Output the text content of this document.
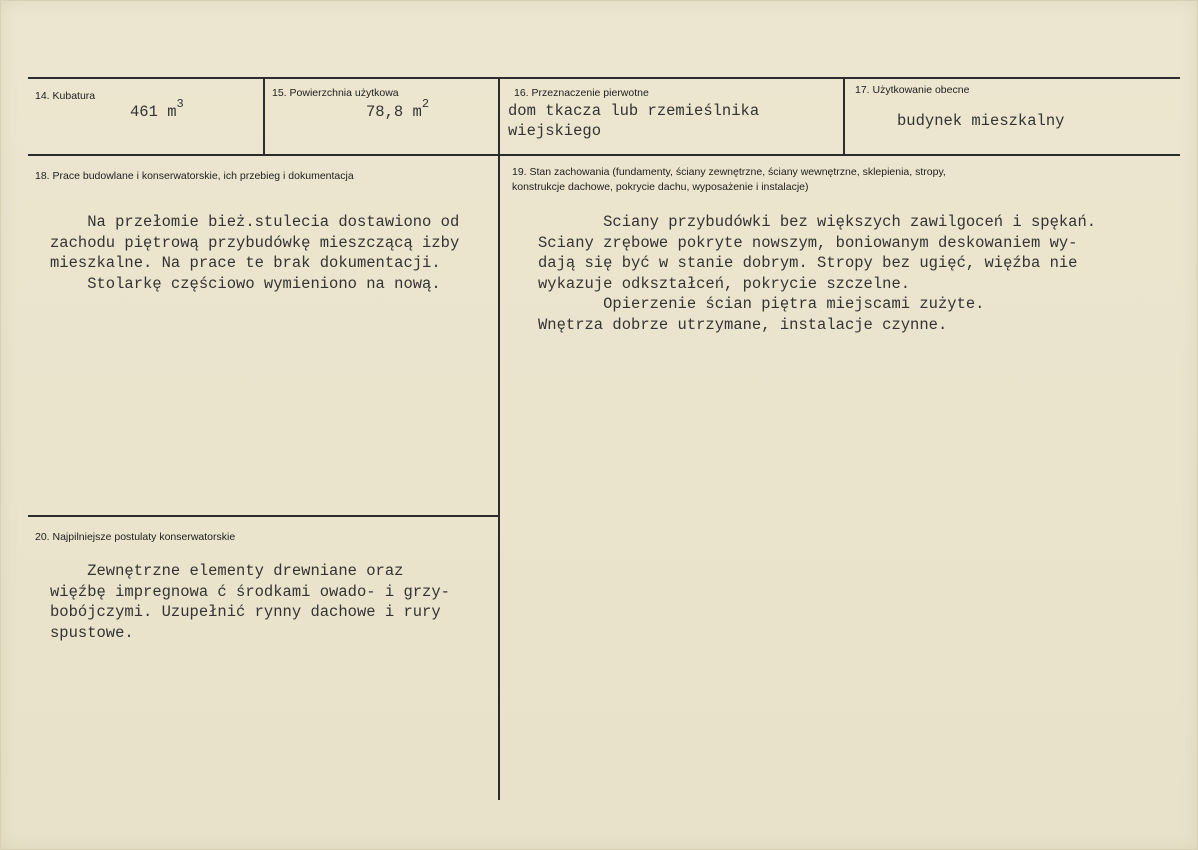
14. Kubatura
461 $m^3$
15. Powierzchnia użytkowa
78,8 $m^2$
16. Przeznaczenie pierwotne
dom tkacza lub rzemieślnika
wiejskiego
17. Użytkowanie obecne
budynek mieszkalny
18. Prace budowlane i konserwatorskie, ich przebieg i dokumentacja
Na przełomie bież.stulecia dostawiono od
zachodu piętrową przybudówkę mieszczącą izby
mieszkalne. Na prace te brak dokumentacji.
Stolarkę częściowo wymieniono na nową.
19. Stan zachowania (fundamenty, ściany zewnętrzne, ściany wewnętrzne, sklepienia, stropy,
konstrukcje dachowe, pokrycie dachu, wyposażenie i instalacje)
Sciany przybudówki bez większych zawilgoceń i spękań.
Sciany zrębowe pokryte nowszym, boniowanym deskowaniem wy-
dają się być w stanie dobrym. Stropy bez ugięć, więźba nie
wykazuje odkształceń, pokrycie szczelne.
Opierzenie ścian piętra miejscami zużyte.
Wnętrza dobrze utrzymane, instalacje czynne.
20. Najpilniejsze postulaty konserwatorskie
Zewnętrzne elementy drewniane oraz
więźbę impregnowa ć środkami owado- i grzy-
bobójczymi. Uzupełnić rynny dachowe i rury
spustowe.
